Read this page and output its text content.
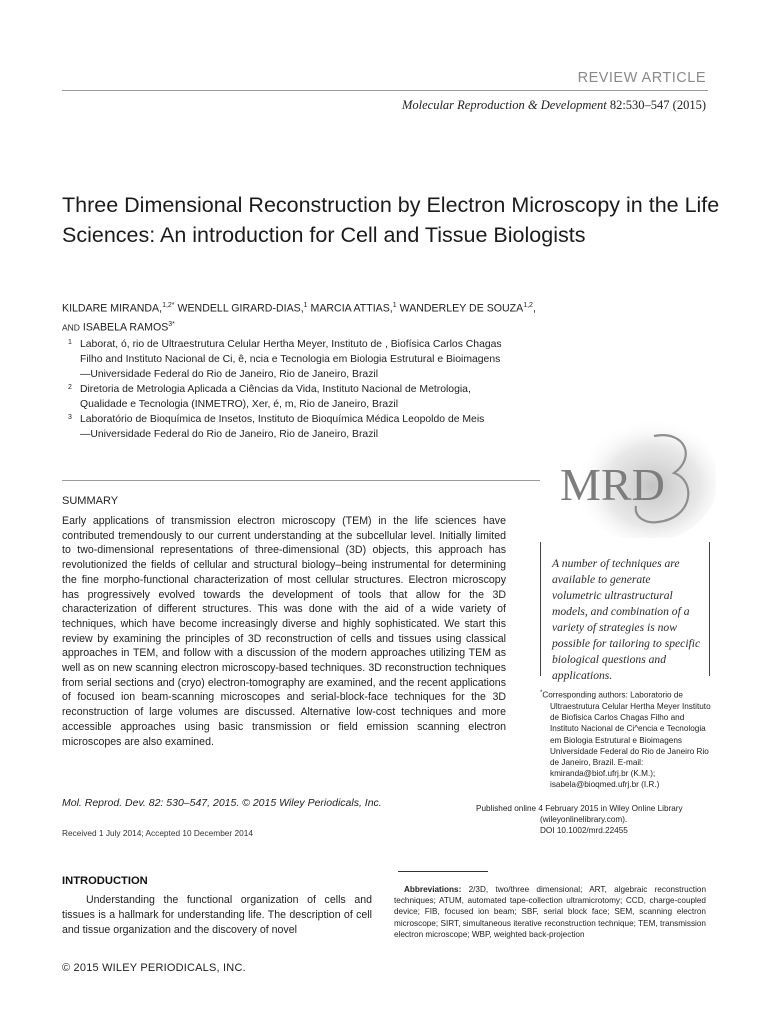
REVIEW ARTICLE
Molecular Reproduction & Development 82:530–547 (2015)
Three Dimensional Reconstruction by Electron Microscopy in the Life Sciences: An introduction for Cell and Tissue Biologists
KILDARE MIRANDA,$^{1,2*}$ WENDELL GIRARD-DIAS,$^1$ MARCIA ATTIAS,$^1$ WANDERLEY DE SOUZA$^{1,2}$,
AND ISABELA $RAMOS^{3*}$
1 Laborat, ó, rio de Ultraestrutura Celular Hertha Meyer, Instituto de , Biofísica Carlos Chagas
Filho and Instituto Nacional de Ci, ê, ncia e Tecnologia em Biologia Estrutural e Bioimagens
—Universidade Federal do Rio de Janeiro, Rio de Janeiro, Brazil
2 Diretoria de Metrologia Aplicada a Ciências da Vida, Instituto Nacional de Metrologia,
Qualidade e Tecnologia (INMETRO), Xer, é, m, Rio de Janeiro, Brazil
3 Laboratório de Bioquímica de Insetos, Instituto de Bioquímica Médica Leopoldo de Meis
—Universidade Federal do Rio de Janeiro, Rio de Janeiro, Brazil
MRD
SUMMARY
Early applications of transmission electron microscopy (TEM) in the life sciences have contributed tremendously to our current understanding at the subcellular level. Initially limited to two-dimensional representations of three-dimensional (3D) objects, this approach has revolutionized the fields of cellular and structural biology–being instrumental for determining the fine morpho-functional characterization of most cellular structures. Electron microscopy has progressively evolved towards the development of tools that allow for the 3D characterization of different structures. This was done with the aid of a wide variety of techniques, which have become increasingly diverse and highly sophisticated. We start this review by examining the principles of 3D reconstruction of cells and tissues using classical approaches in TEM, and follow with a discussion of the modern approaches utilizing TEM as well as on new scanning electron microscopy-based techniques. 3D reconstruction techniques from serial sections and (cryo) electron-tomography are examined, and the recent applications of focused ion beam-scanning microscopes and serial-block-face techniques for the 3D reconstruction of large volumes are discussed. Alternative low-cost techniques and more accessible approaches using basic transmission or field emission scanning electron microscopes are also examined.
Mol. Reprod. Dev. 82: 530–547, 2015. © 2015 Wiley Periodicals, Inc.
Received 1 July 2014; Accepted 10 December 2014
A number of techniques are available to generate volumetric ultrastructural models, and combination of a variety of strategies is now possible for tailoring to specific biological questions and applications.
*Corresponding authors: Laboratorio de
Ultraestrutura Celular Hertha Meyer Instituto de Biofisica Carlos Chagas Filho and Instituto Nacional de Ci^encia e Tecnologia em Biologia Estrutural e Bioimagens Universidade Federal do Rio de Janeiro Rio de Janeiro, Brazil. E-mail: kmiranda@biof.ufrj.br (K.M.); isabela@bioqmed.ufrj.br (I.R.)
Published online 4 February 2015 in Wiley Online Library
(wileyonlinelibrary.com).
DOI 10.1002/mrd.22455
INTRODUCTION
Understanding the functional organization of cells and tissues is a hallmark for understanding life. The description of cell and tissue organization and the discovery of novel
Abbreviations: 2/3D, two/three dimensional; ART, algebraic reconstruction techniques; ATUM, automated tape-collection ultramicrotomy; CCD, charge-coupled device; FIB, focused ion beam; SBF, serial block face; SEM, scanning electron microscope; SIRT, simultaneous iterative reconstruction technique; TEM, transmission electron microscope; WBP, weighted back-projection
© 2015 WILEY PERIODICALS, INC.
